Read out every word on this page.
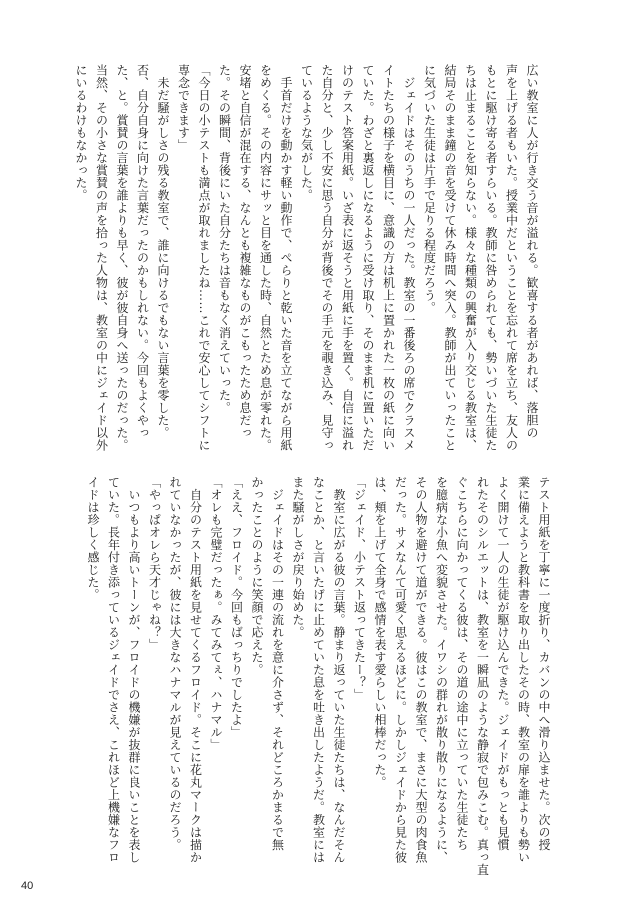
広い教室に人が行き交う音が溢れる。歓喜する者があれば、落胆の

声を上げる者もいた。授業中だということを忘れて席を立ち、友人の

もとに駆け寄る者すらいる。教師に咎められても、勢いづいた生徒た

ちは止まることを知らない。様々な種類の興奮が入り交じる教室は、

結局そのまま鐘の音を受けて休み時間へ突入。教師が出ていったこと

に気づいた生徒は片手で足りる程度だろう。

　ジェイドはそのうちの一人だった。教室の一番後ろの席でクラスメ

イトたちの様子を横目に、意識の方は机上に置かれた一枚の紙に向い

ていた。わざと裏返しになるように受け取り、そのまま机に置いただ

けのテスト答案用紙。いざ表に返そうと用紙に手を置く。自信に溢れ

た自分と、少し不安に思う自分が背後でその手元を覗き込み、見守っ

ているような気がした。

　手首だけを動かす軽い動作で、ぺらりと乾いた音を立てながら用紙

をめくる。その内容にサッと目を通した時、自然とため息が零れた。

安堵と自信が混在する、なんとも複雑なものがこもったため息だっ

た。その瞬間、背後にいた自分たちは音もなく消えていった。

「今日の小テストも満点が取れましたね……これで安心してシフトに

専念できます」

　未だ騒がしさの残る教室で、誰に向けるでもない言葉を零した。

否、自分自身に向けた言葉だったのかもしれない。今回もよくやっ

た、と。賞賛の言葉を誰よりも早く、彼が彼自身へ送ったのだった。

当然、その小さな賞賛の声を拾った人物は、教室の中にジェイド以外

にいるわけもなかった。

テスト用紙を丁寧に一度折り、カバンの中へ滑り込ませた。次の授

業に備えようと教科書を取り出したその時、教室の扉を誰よりも勢い

よく開けて一人の生徒が駆け込んできた。ジェイドがもっとも見慣

れたそのシルエットは、教室を一瞬凪のような静寂で包みこむ。真っ直

ぐこちらに向かってくる彼は、その道の途中に立っていた生徒たち

を臆病な小魚へ変貌させた。イワシの群れが散り散りになるように、

その人物を避けて道ができる。彼はこの教室で、まさに大型の肉食魚

だった。サメなんて可愛く思えるほどに。しかしジェイドから見た彼

は、頬を上げて全身で感情を表す愛らしい相棒だった。

「ジェイド、小テスト返ってきたー？」

　教室に広がる彼の言葉。静まり返っていた生徒たちは、なんだそん

なことか、と言いたげに止めていた息を吐き出したようだ。教室には

また騒がしさが戻り始めた。

　ジェイドはその一連の流れを意に介さず、それどころかまるで無

かったことのように笑顔で応えた。

「ええ、フロイド。今回もばっちりでしたよ」

「オレも完璧だったぁ。みてみてぇ、ハナマル」

　自分のテスト用紙を見せてくるフロイド。そこに花丸マークは描か

れていなかったが、彼には大きなハナマルが見えているのだろう。

「やっぱオレら天才じゃね？」

　いつもより高いトーンが、フロイドの機嫌が抜群に良いことを表し

ていた。長年付き添っているジェイドでさえ、これほど上機嫌なフロ

イドは珍しく感じた。

40
